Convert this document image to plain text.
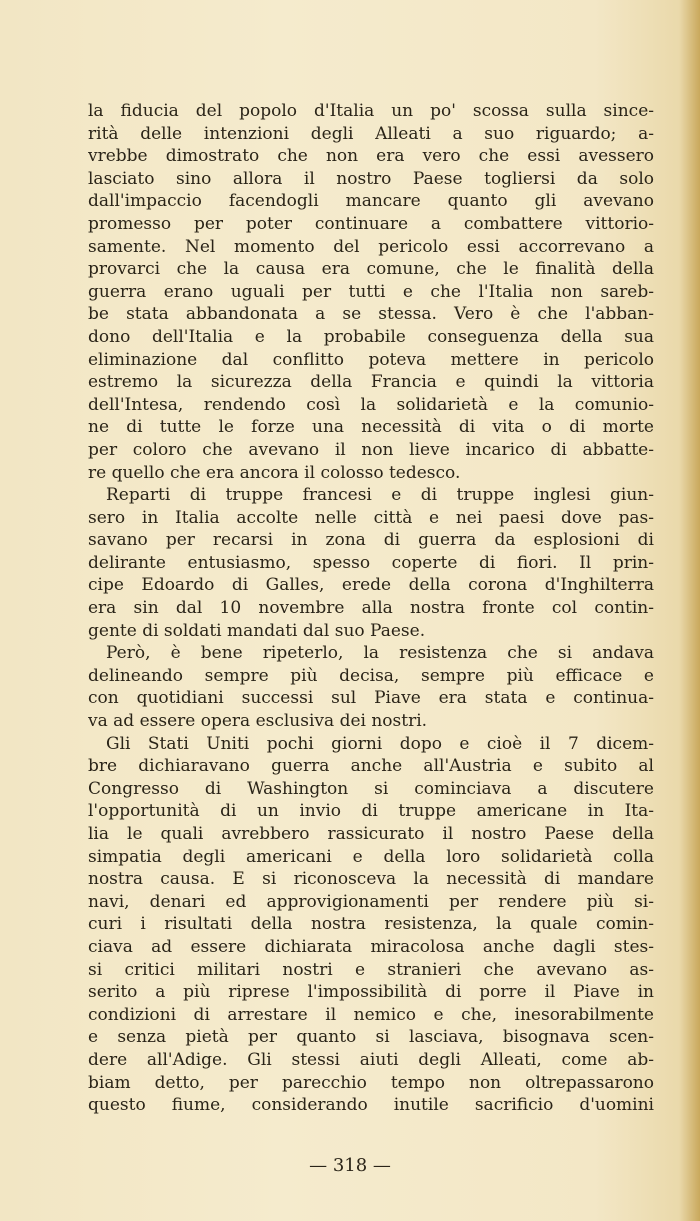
la fiducia del popolo d'Italia un po' scossa sulla since-
rità delle intenzioni degli Alleati a suo riguardo; a-
vrebbe dimostrato che non era vero che essi avessero
lasciato sino allora il nostro Paese togliersi da solo
dall'impaccio facendogli mancare quanto gli avevano
promesso per poter continuare a combattere vittorio-
samente. Nel momento del pericolo essi accorrevano a
provarci che la causa era comune, che le finalità della
guerra erano uguali per tutti e che l'Italia non sareb-
be stata abbandonata a se stessa. Vero è che l'abban-
dono dell'Italia e la probabile conseguenza della sua
eliminazione dal conflitto poteva mettere in pericolo
estremo la sicurezza della Francia e quindi la vittoria
dell'Intesa, rendendo così la solidarietà e la comunio-
ne di tutte le forze una necessità di vita o di morte
per coloro che avevano il non lieve incarico di abbatte-
re quello che era ancora il colosso tedesco.

Reparti di truppe francesi e di truppe inglesi giun-
sero in Italia accolte nelle città e nei paesi dove pas-
savano per recarsi in zona di guerra da esplosioni di
delirante entusiasmo, spesso coperte di fiori. Il prin-
cipe Edoardo di Galles, erede della corona d'Inghilterra
era sin dal 10 novembre alla nostra fronte col contin-
gente di soldati mandati dal suo Paese.

Però, è bene ripeterlo, la resistenza che si andava
delineando sempre più decisa, sempre più efficace e
con quotidiani successi sul Piave era stata e continua-
va ad essere opera esclusiva dei nostri.

Gli Stati Uniti pochi giorni dopo e cioè il 7 dicem-
bre dichiaravano guerra anche all'Austria e subito al
Congresso di Washington si cominciava a discutere
l'opportunità di un invio di truppe americane in Ita-
lia le quali avrebbero rassicurato il nostro Paese della
simpatia degli americani e della loro solidarietà colla
nostra causa. E si riconosceva la necessità di mandare
navi, denari ed approvigionamenti per rendere più si-
curi i risultati della nostra resistenza, la quale comin-
ciava ad essere dichiarata miracolosa anche dagli stes-
si critici militari nostri e stranieri che avevano as-
serito a più riprese l'impossibilità di porre il Piave in
condizioni di arrestare il nemico e che, inesorabilmente
e senza pietà per quanto si lasciava, bisognava scen-
dere all'Adige. Gli stessi aiuti degli Alleati, come ab-
biam detto, per parecchio tempo non oltrepassarono
questo fiume, considerando inutile sacrificio d'uomini

— 318 —
